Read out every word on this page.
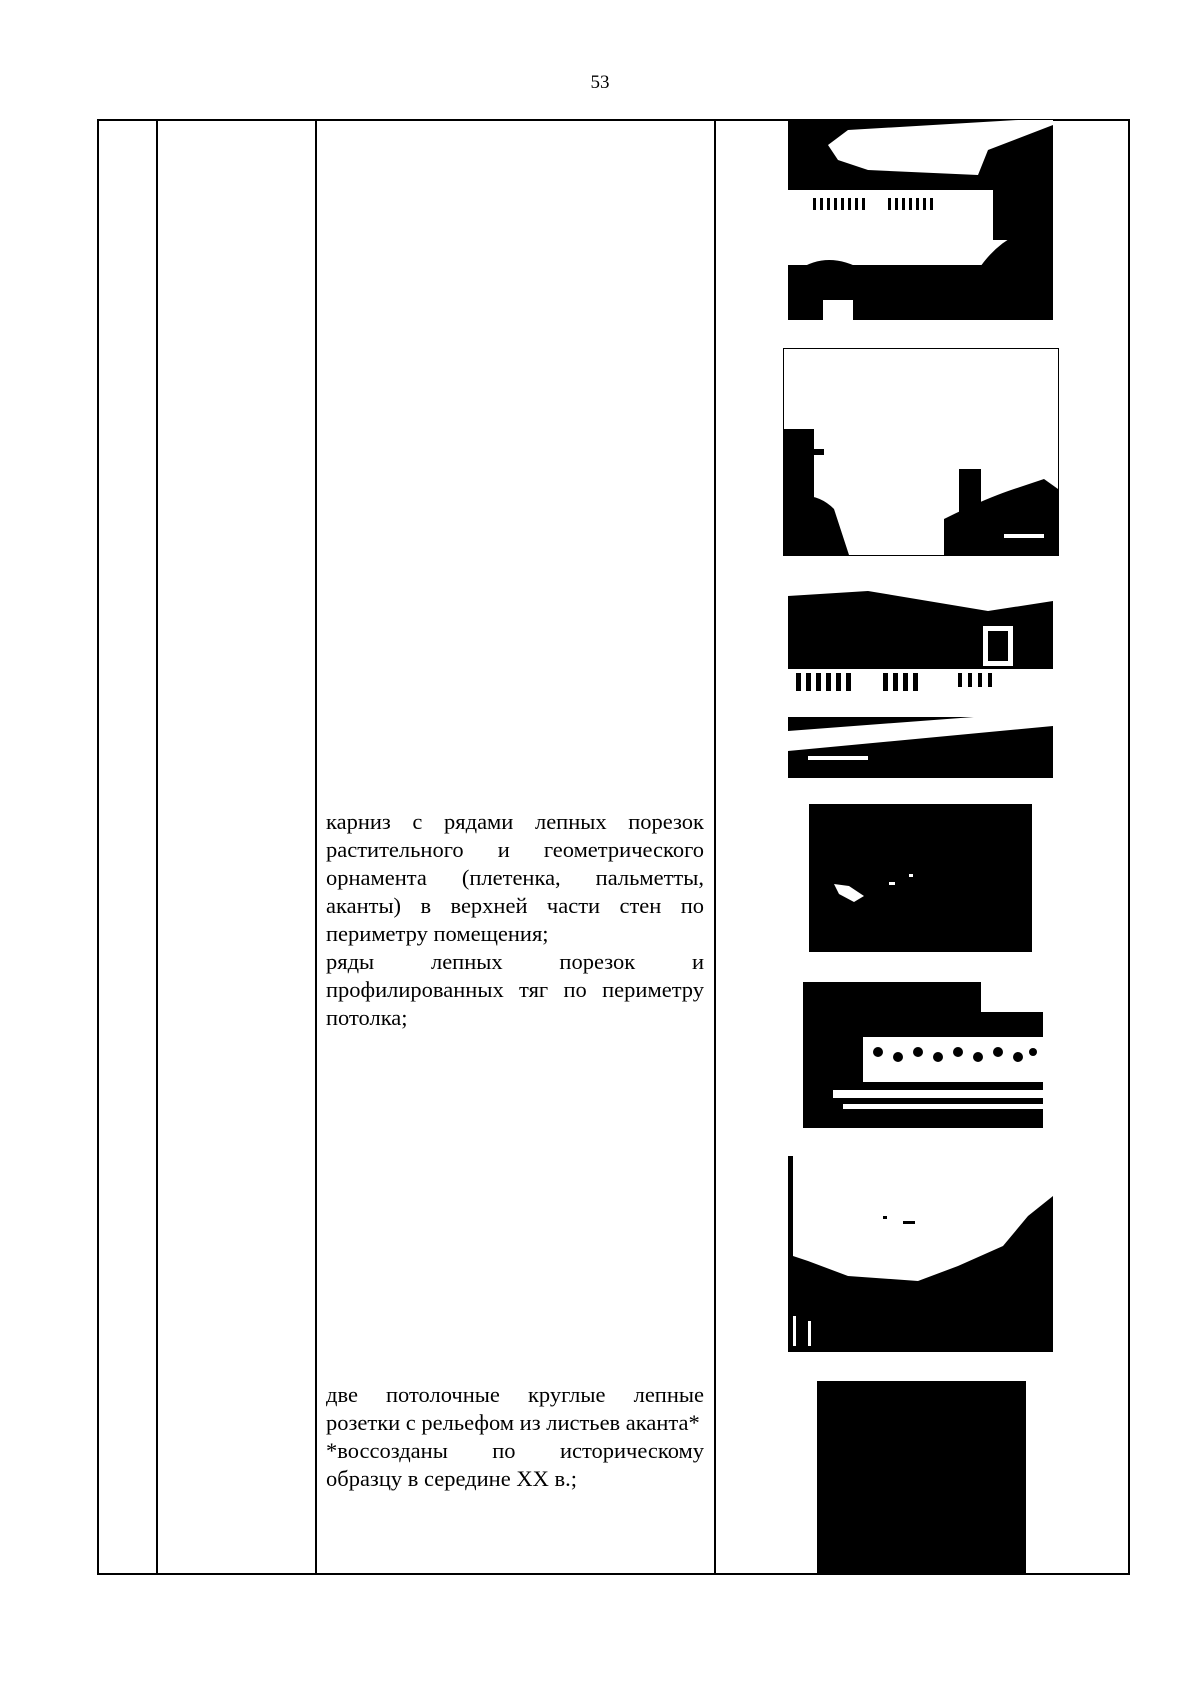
53

карниз с рядами лепных порезок растительного и геометрического орнамента (плетенка, пальметты, аканты) в верхней части стен по периметру помещения;

ряды лепных порезок и профилированных тяг по периметру потолка;

две потолочные круглые лепные розетки с рельефом из листьев аканта*

*воссозданы по историческому образцу в середине XX в.;
